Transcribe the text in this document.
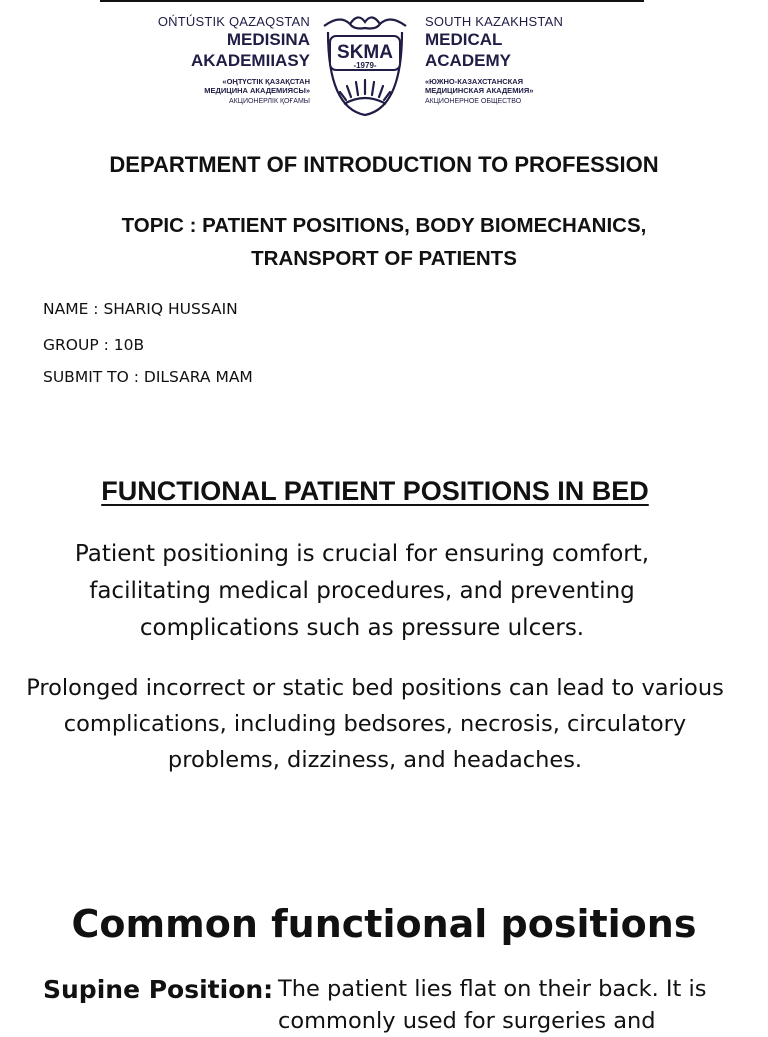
OŃTÚSTIK QAZAQSTAN
MEDISINA
AKADEMIIASY
«ОҢТҮСТІК ҚАЗАҚСТАН
МЕДИЦИНА АКАДЕМИЯСЫ»
АКЦИОНЕРЛІК ҚОҒАМЫ
SKMA
-1979-
SOUTH KAZAKHSTAN
MEDICAL
ACADEMY
«ЮЖНО-КАЗАХСТАНСКАЯ
МЕДИЦИНСКАЯ АКАДЕМИЯ»
АКЦИОНЕРНОЕ ОБЩЕСТВО
DEPARTMENT OF INTRODUCTION TO PROFESSION
TOPIC : PATIENT POSITIONS, BODY BIOMECHANICS,
TRANSPORT OF PATIENTS
NAME : SHARIQ HUSSAIN
GROUP : 10B
SUBMIT TO : DILSARA MAM
FUNCTIONAL PATIENT POSITIONS IN BED
Patient positioning is crucial for ensuring comfort, facilitating medical procedures, and preventing complications such as pressure ulcers.
Prolonged incorrect or static bed positions can lead to various complications, including bedsores, necrosis, circulatory problems, dizziness, and headaches.
Common functional positions
Supine Position: The patient lies flat on their back. It is commonly used for surgeries and
